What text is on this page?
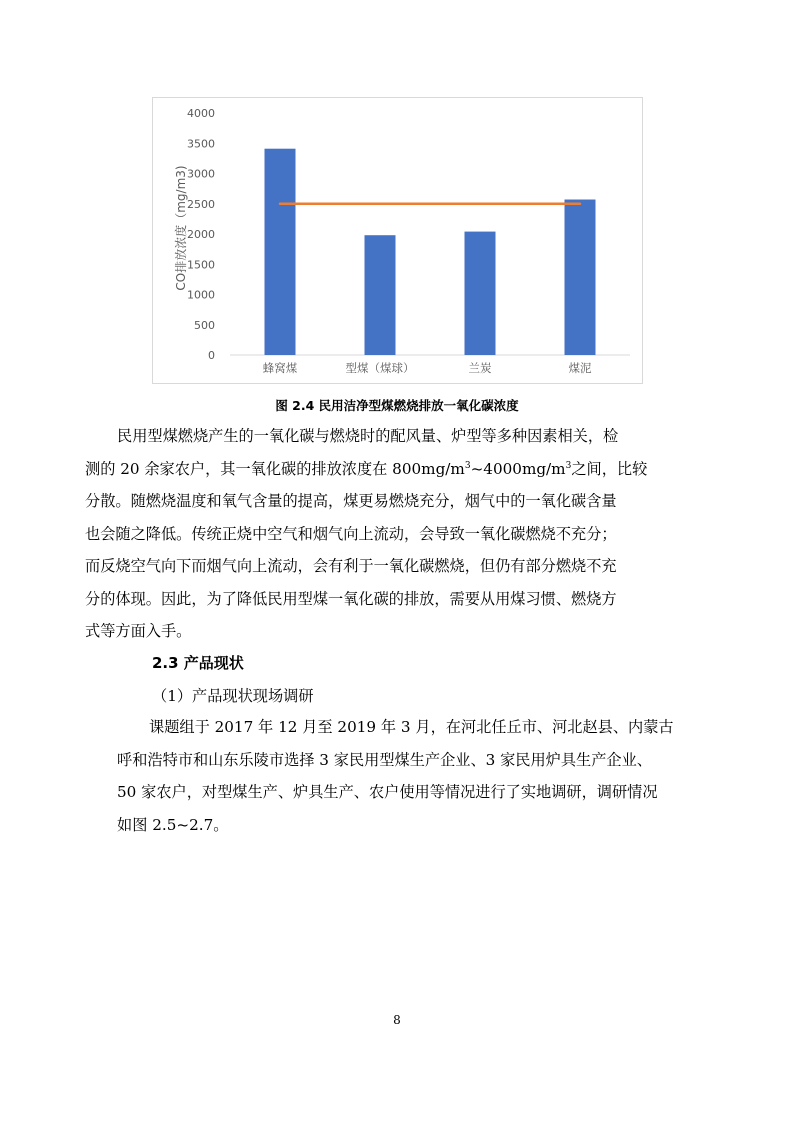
0
500
1000
1500
2000
2500
3000
3500
4000
蜂窝煤	型煤（煤球）	兰炭	煤泥
CO排放浓度（mg/m3)
图 2.4 民用洁净型煤燃烧排放一氧化碳浓度
民用型煤燃烧产生的一氧化碳与燃烧时的配风量、炉型等多种因素相关，检
测的 20 余家农户，其一氧化碳的排放浓度在 $800mg/m^3\sim 4000mg/m^3$之间，比较
分散。随燃烧温度和氧气含量的提高，煤更易燃烧充分，烟气中的一氧化碳含量
也会随之降低。传统正烧中空气和烟气向上流动，会导致一氧化碳燃烧不充分；
而反烧空气向下而烟气向上流动，会有利于一氧化碳燃烧，但仍有部分燃烧不充
分的体现。因此，为了降低民用型煤一氧化碳的排放，需要从用煤习惯、燃烧方
式等方面入手。
2.3 产品现状
（1）产品现状现场调研
课题组于 2017 年 12 月至 2019 年 3 月，在河北任丘市、河北赵县、内蒙古
呼和浩特市和山东乐陵市选择 3 家民用型煤生产企业、3 家民用炉具生产企业、
50 家农户，对型煤生产、炉具生产、农户使用等情况进行了实地调研，调研情况
如图 2.5~2.7。
8
